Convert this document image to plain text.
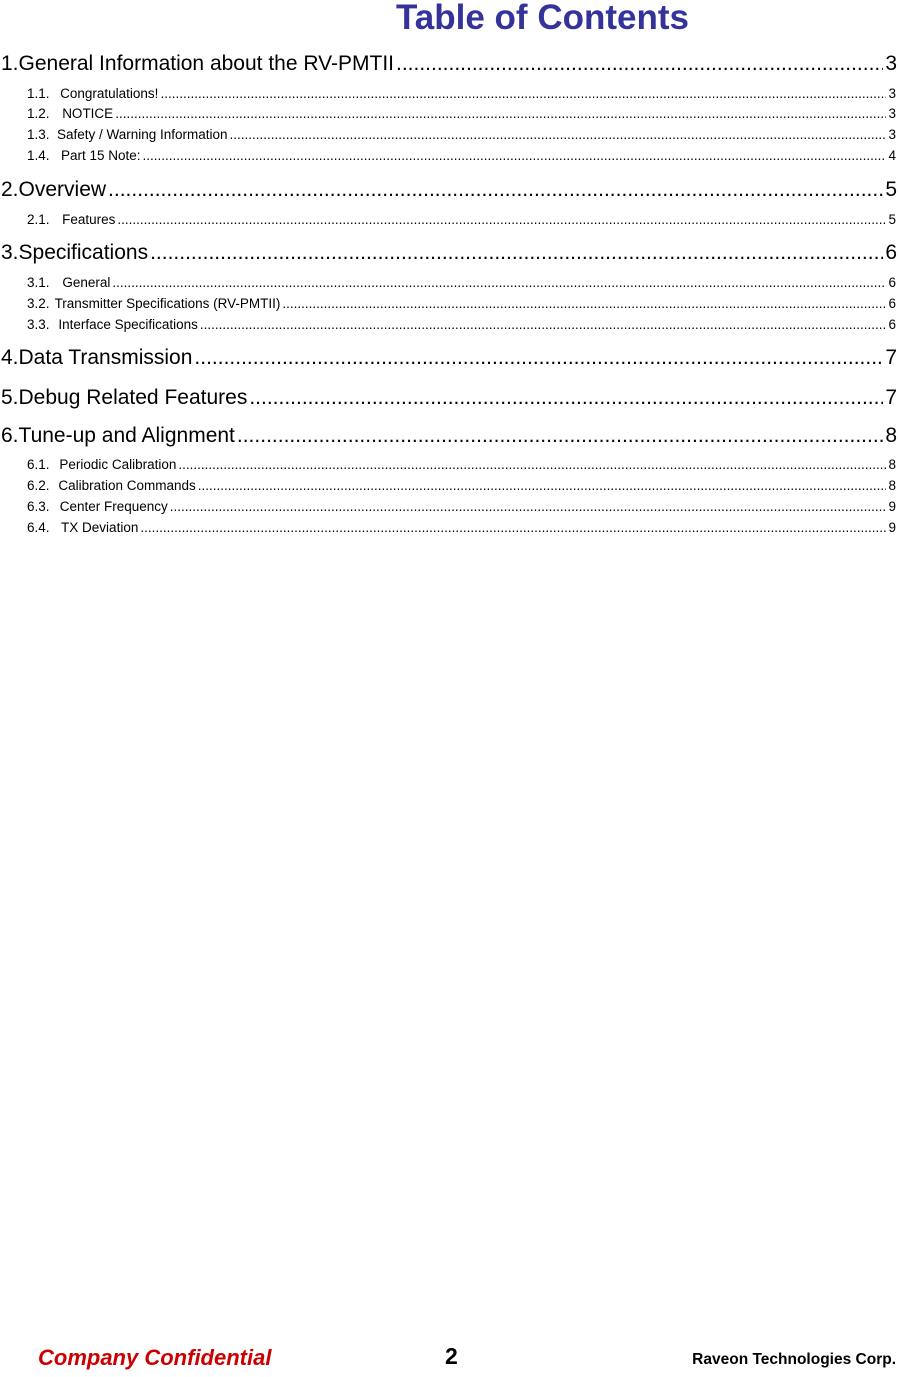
Table of Contents
1. General Information about the RV-PMTII .....	3
1.1. Congratulations! .....	3
1.2. NOTICE .....	3
1.3. Safety / Warning Information .....	3
1.4. Part 15 Note: .....	4
2. Overview .....	5
2.1. Features .....	5
3. Specifications .....	6
3.1. General .....	6
3.2. Transmitter Specifications (RV-PMTII) .....	6
3.3. Interface Specifications .....	6
4. Data Transmission .....	7
5. Debug Related Features .....	7
6. Tune-up and Alignment .....	8
6.1. Periodic Calibration .....	8
6.2. Calibration Commands .....	8
6.3. Center Frequency .....	9
6.4. TX Deviation .....	9
Company Confidential	2	Raveon Technologies Corp.
